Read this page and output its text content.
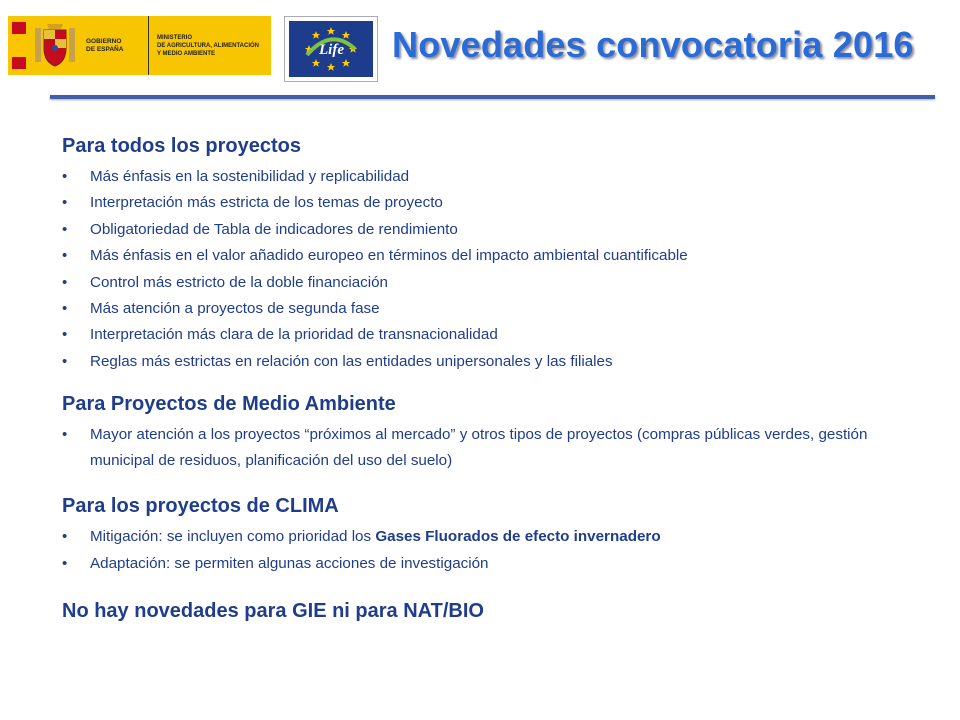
GOBIERNO
DE ESPAÑA
MINISTERIO
DE AGRICULTURA, ALIMENTACIÓN
Y MEDIO AMBIENTE	Life Novedades convocatoria 2016
Para todos los proyectos
• Más énfasis en la sostenibilidad y replicabilidad
• Interpretación más estricta de los temas de proyecto
• Obligatoriedad de Tabla de indicadores de rendimiento
• Más énfasis en el valor añadido europeo en términos del impacto ambiental cuantificable
• Control más estricto de la doble financiación
• Más atención a proyectos de segunda fase
• Interpretación más clara de la prioridad de transnacionalidad
• Reglas más estrictas en relación con las entidades unipersonales y las filiales
Para Proyectos de Medio Ambiente
• Mayor atención a los proyectos “próximos al mercado” y otros tipos de proyectos (compras públicas verdes, gestión municipal de residuos, planificación del uso del suelo)
Para los proyectos de CLIMA
• Mitigación: se incluyen como prioridad los Gases Fluorados de efecto invernadero
• Adaptación: se permiten algunas acciones de investigación
No hay novedades para GIE ni para NAT/BIO
